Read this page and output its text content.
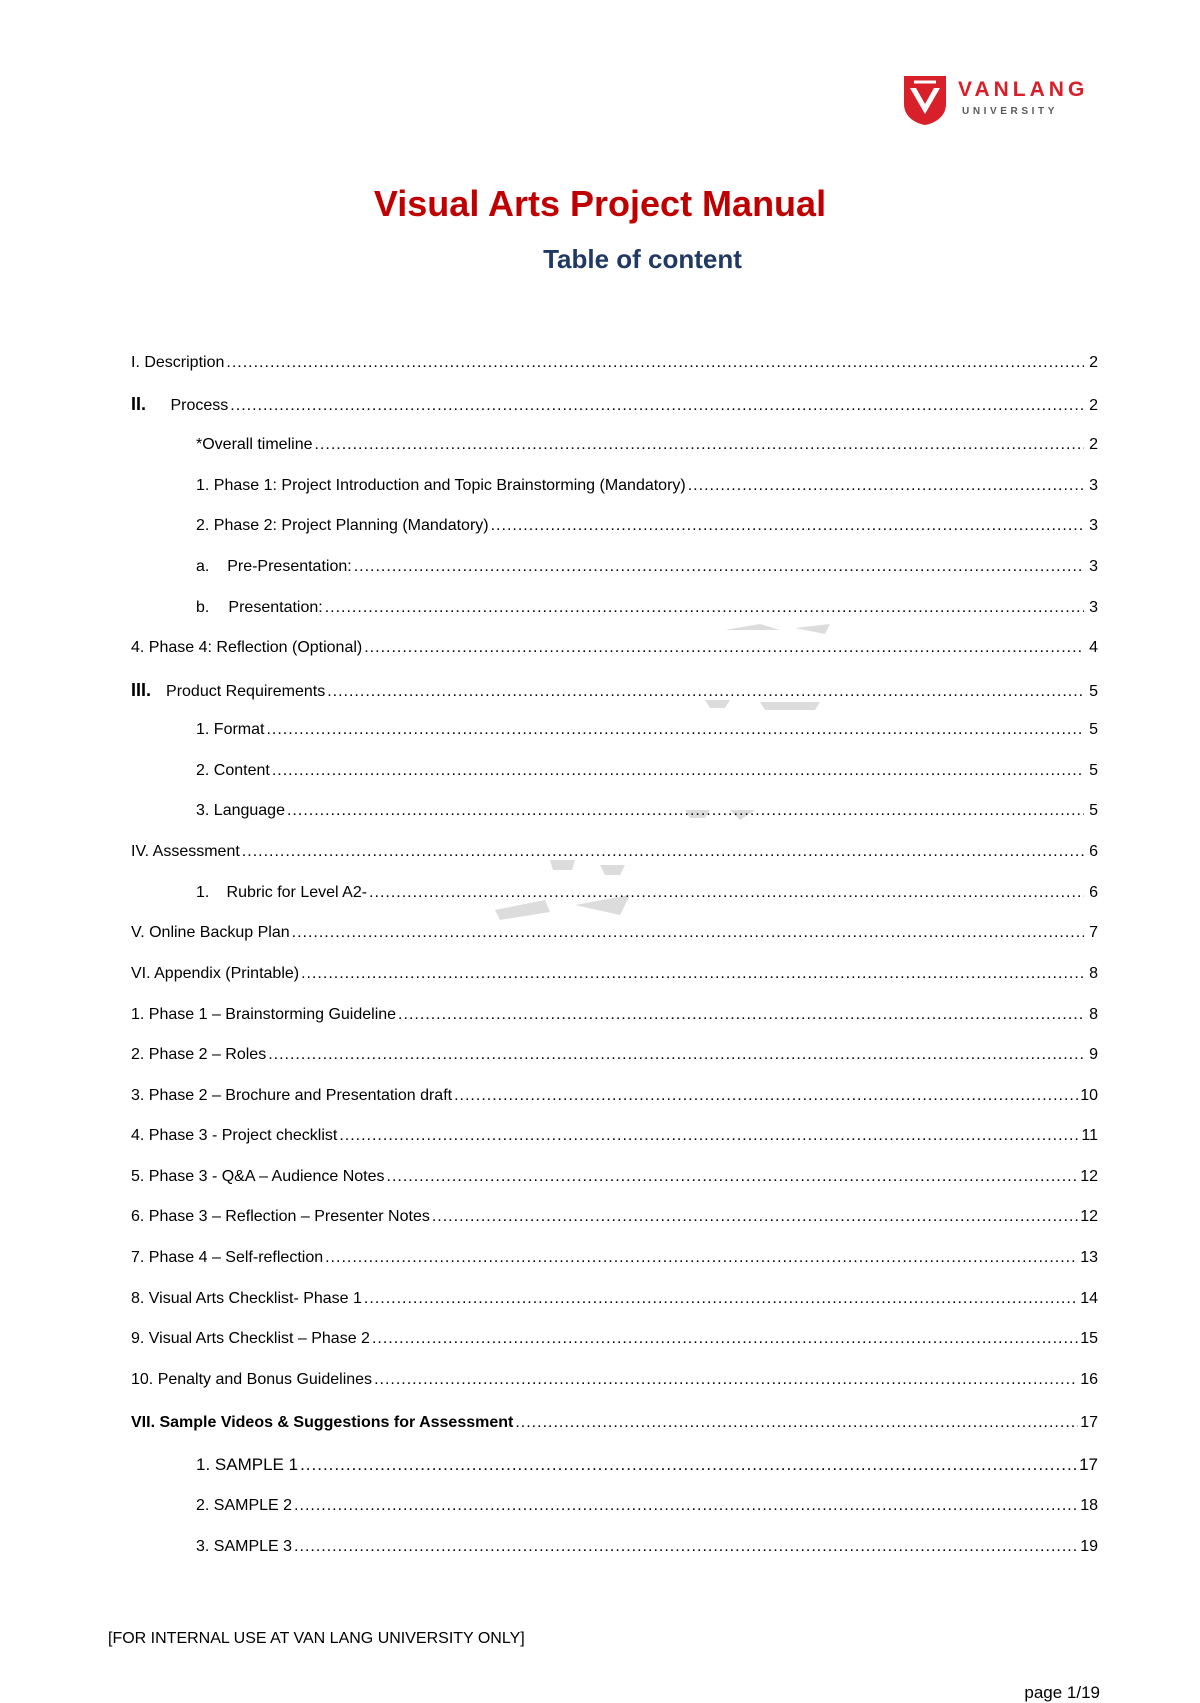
VANLANG
UNIVERSITY
Visual Arts Project Manual
Table of content
I. Description .....	2
II.	Process .....	2
*Overall timeline .....	2
1. Phase 1: Project Introduction and Topic Brainstorming (Mandatory) .....	3
2. Phase 2: Project Planning (Mandatory) .....	3
a.	Pre-Presentation: .....	3
b.	Presentation: .....	3
4. Phase 4: Reflection (Optional) .....	4
III. Product Requirements .....	5
1. Format .....	5
2. Content .....	5
3. Language .....	5
IV. Assessment .....	6
1.	Rubric for Level A2- .....	6
V. Online Backup Plan .....	7
VI. Appendix (Printable) .....	8
1. Phase 1 – Brainstorming Guideline .....	8
2. Phase 2 – Roles .....	9
3. Phase 2 – Brochure and Presentation draft .....	10
4. Phase 3 - Project checklist .....	11
5. Phase 3 - Q&A – Audience Notes .....	12
6. Phase 3 – Reflection – Presenter Notes .....	12
7. Phase 4 – Self-reflection .....	13
8. Visual Arts Checklist- Phase 1 .....	14
9. Visual Arts Checklist – Phase 2 .....	15
10. Penalty and Bonus Guidelines .....	16
VII. Sample Videos & Suggestions for Assessment .....	17
1. SAMPLE 1 .....	17
2. SAMPLE 2 .....	18
3. SAMPLE 3 .....	19
[FOR INTERNAL USE AT VAN LANG UNIVERSITY ONLY]
page 1/19
